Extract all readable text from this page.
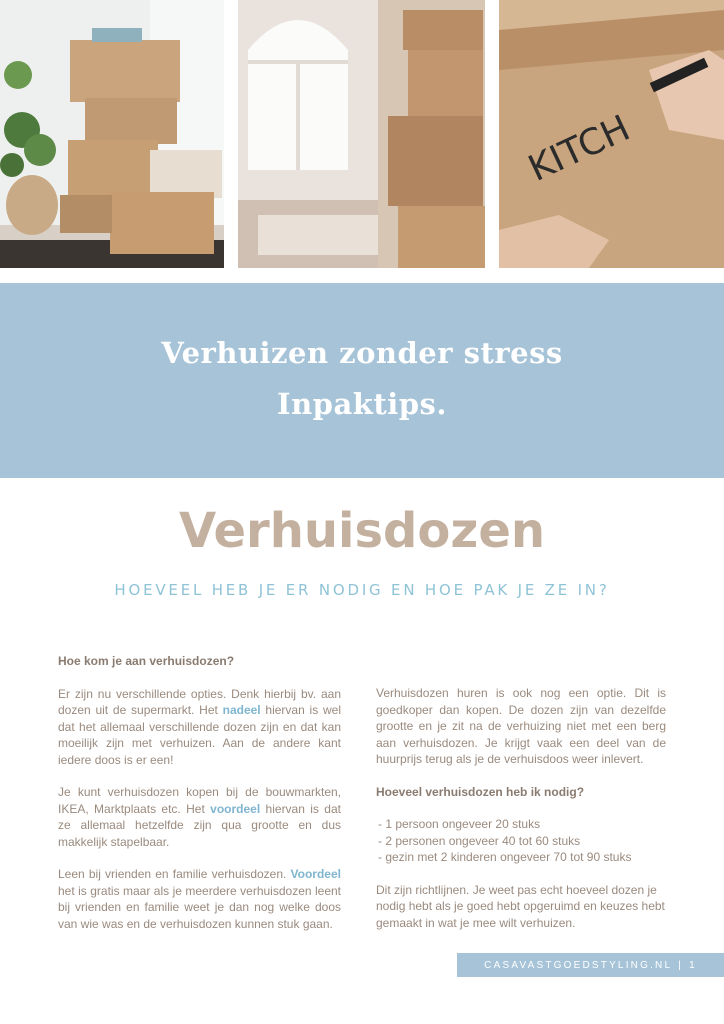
KITCH
Verhuizen zonder stress
Inpaktips.
Verhuisdozen
HOEVEEL HEB JE ER NODIG EN HOE PAK JE ZE IN?
Hoe kom je aan verhuisdozen?

Er zijn nu verschillende opties. Denk hierbij bv. aan dozen uit de supermarkt. Het nadeel hiervan is wel dat het allemaal verschillende dozen zijn en dat kan moeilijk zijn met verhuizen. Aan de andere kant iedere doos is er een!

Je kunt verhuisdozen kopen bij de bouwmarkten, IKEA, Marktplaats etc. Het voordeel hiervan is dat ze allemaal hetzelfde zijn qua grootte en dus makkelijk stapelbaar.

Leen bij vrienden en familie verhuisdozen. Voordeel het is gratis maar als je meerdere verhuisdozen leent bij vrienden en familie weet je dan nog welke doos van wie was en de verhuisdozen kunnen stuk gaan.

Verhuisdozen huren is ook nog een optie. Dit is goedkoper dan kopen. De dozen zijn van dezelfde grootte en je zit na de verhuizing niet met een berg aan verhuisdozen. Je krijgt vaak een deel van de huurprijs terug als je de verhuisdoos weer inlevert.

Hoeveel verhuisdozen heb ik nodig?
- 1 persoon ongeveer 20 stuks
- 2 personen ongeveer 40 tot 60 stuks
- gezin met 2 kinderen ongeveer 70 tot 90 stuks

Dit zijn richtlijnen. Je weet pas echt hoeveel dozen je nodig hebt als je goed hebt opgeruimd en keuzes hebt gemaakt in wat je mee wilt verhuizen.

CASAVASTGOEDSTYLING.NL | 1
